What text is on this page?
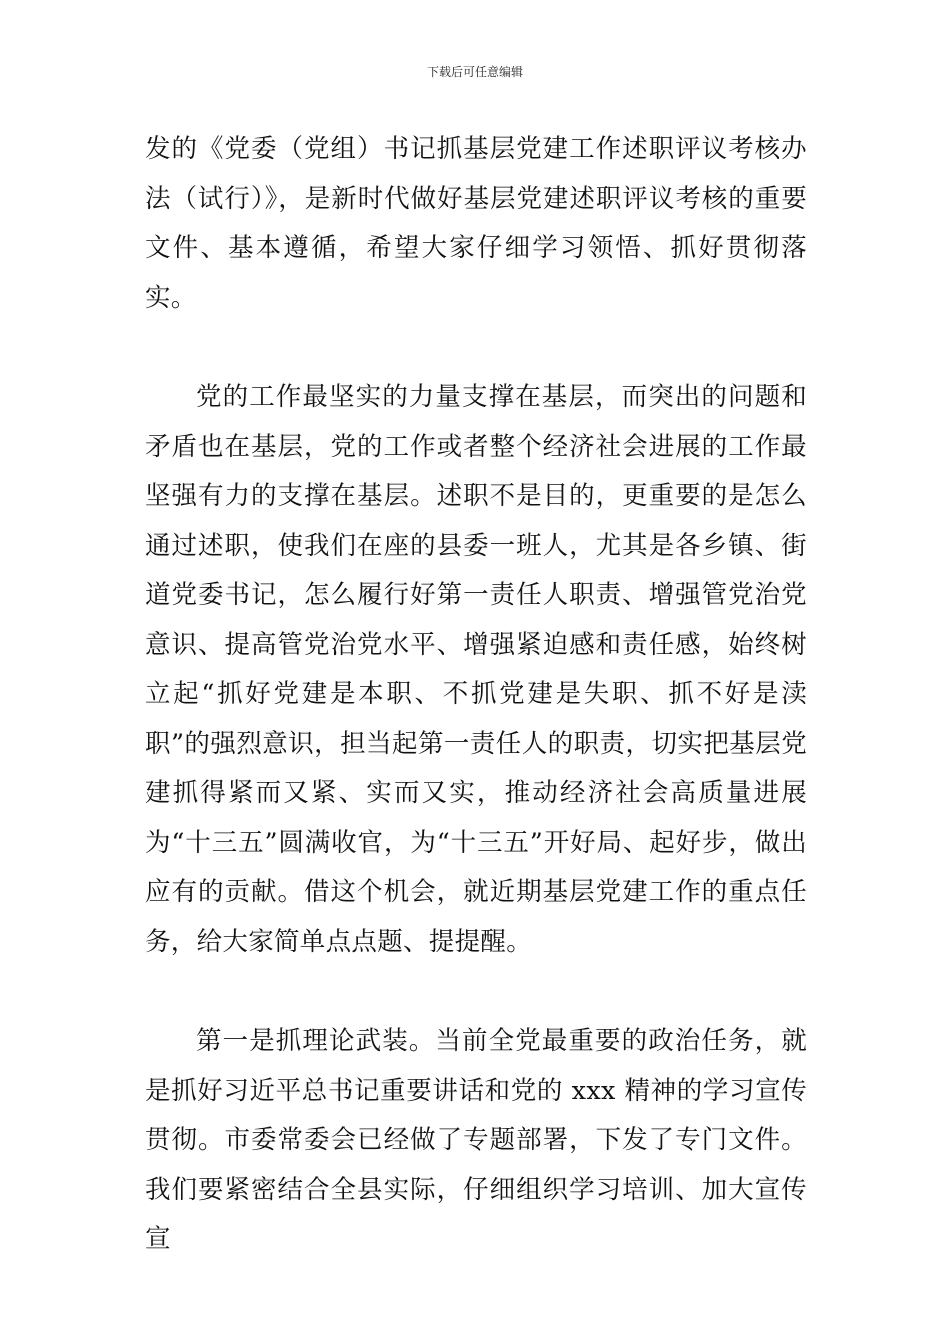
下载后可任意编辑

发的《党委（党组）书记抓基层党建工作述职评议考核办法（试行）》，是新时代做好基层党建述职评议考核的重要文件、基本遵循，希望大家仔细学习领悟、抓好贯彻落实。

党的工作最坚实的力量支撑在基层，而突出的问题和矛盾也在基层，党的工作或者整个经济社会进展的工作最坚强有力的支撑在基层。述职不是目的，更重要的是怎么通过述职，使我们在座的县委一班人，尤其是各乡镇、街道党委书记，怎么履行好第一责任人职责、增强管党治党意识、提高管党治党水平、增强紧迫感和责任感，始终树立起“抓好党建是本职、不抓党建是失职、抓不好是渎职”的强烈意识，担当起第一责任人的职责，切实把基层党建抓得紧而又紧、实而又实，推动经济社会高质量进展为“十三五”圆满收官，为“十三五”开好局、起好步，做出应有的贡献。借这个机会，就近期基层党建工作的重点任务，给大家简单点点题、提提醒。

第一是抓理论武装。当前全党最重要的政治任务，就是抓好习近平总书记重要讲话和党的 xxx 精神的学习宣传贯彻。市委常委会已经做了专题部署，下发了专门文件。我们要紧密结合全县实际，仔细组织学习培训、加大宣传宣
